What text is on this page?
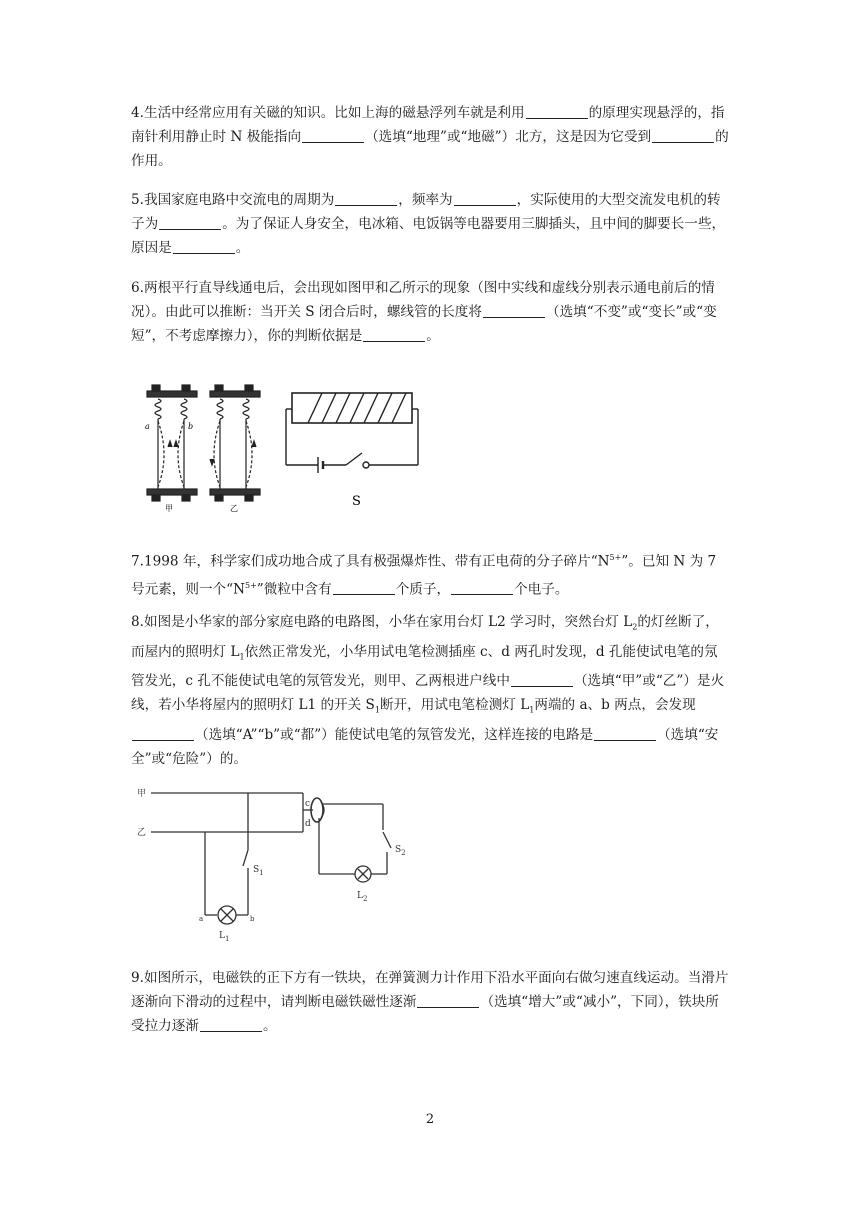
4.生活中经常应用有关磁的知识。比如上海的磁悬浮列车就是利用	的原理实现悬浮的，指南针利用静止时 N 极能指向	（选填“地理”或“地磁”）北方，这是因为它受到	的作用。

5.我国家庭电路中交流电的周期为	，频率为	，实际使用的大型交流发电机的转子为	。为了保证人身安全，电冰箱、电饭锅等电器要用三脚插头，且中间的脚要长一些，原因是	。

6.两根平行直导线通电后，会出现如图甲和乙所示的现象（图中实线和虚线分别表示通电前后的情况）。由此可以推断：当开关 S 闭合后时，螺线管的长度将	（选填“不变”或“变长”或“变短”，不考虑摩擦力），你的判断依据是	。

a	b
甲	乙	S

7.1998 年，科学家们成功地合成了具有极强爆炸性、带有正电荷的分子碎片“$N^{5+}$”。已知 N 为 7 号元素，则一个“$N^{5+}$”微粒中含有	个质子，	个电子。

8.如图是小华家的部分家庭电路的电路图，小华在家用台灯 L2 学习时，突然台灯 $L_2$的灯丝断了，而屋内的照明灯 $L_1$依然正常发光，小华用试电笔检测插座 c、d 两孔时发现，d 孔能使试电笔的氖管发光，c 孔不能使试电笔的氖管发光，则甲、乙两根进户线中	（选填“甲”或“乙”）是火线，若小华将屋内的照明灯 L1 的开关 $S_1$断开，用试电笔检测灯 $L_1$两端的 a、b 两点，会发现（选填“A”“b”或“都”）能使试电笔的氖管发光，这样连接的电路是	（选填“安全”或“危险”）的。

甲
乙
c
d
$S_1$
$S_2$
$L_1$
$L_2$
a	b

9.如图所示，电磁铁的正下方有一铁块，在弹簧测力计作用下沿水平面向右做匀速直线运动。当滑片逐渐向下滑动的过程中，请判断电磁铁磁性逐渐	（选填“增大”或“减小”，下同），铁块所受拉力逐渐	。

2
